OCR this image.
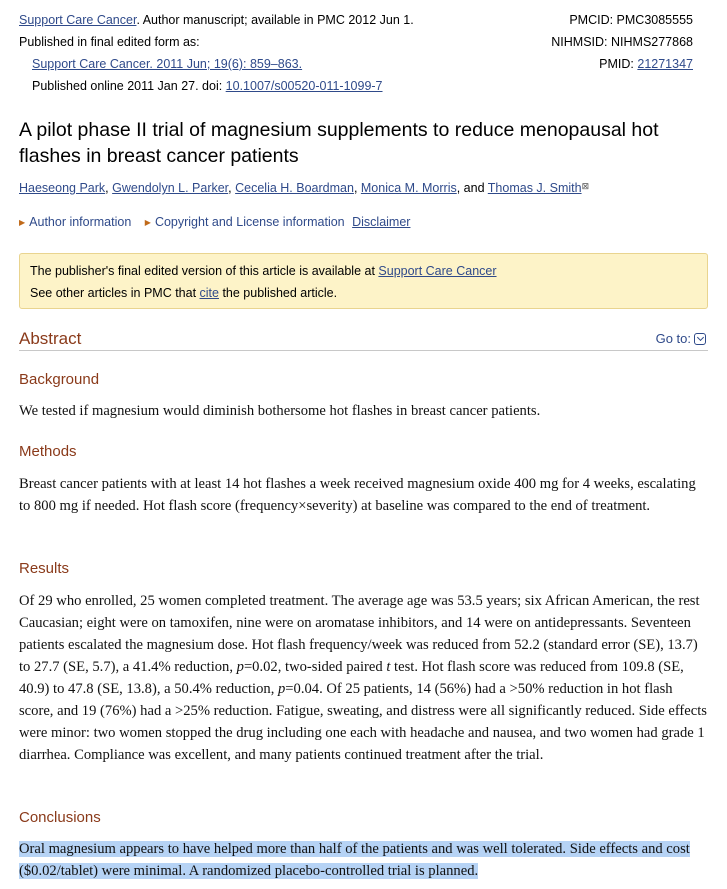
Support Care Cancer. Author manuscript; available in PMC 2012 Jun 1.
Published in final edited form as:
Support Care Cancer. 2011 Jun; 19(6): 859–863.
Published online 2011 Jan 27. doi: 10.1007/s00520-011-1099-7
PMCID: PMC3085555
NIHMSID: NIHMS277868
PMID: 21271347
A pilot phase II trial of magnesium supplements to reduce menopausal hot flashes in breast cancer patients
Haeseong Park, Gwendolyn L. Parker, Cecelia H. Boardman, Monica M. Morris, and Thomas J. Smith⊠
▶ Author information ▶ Copyright and License information Disclaimer
The publisher's final edited version of this article is available at Support Care Cancer
See other articles in PMC that cite the published article.
Abstract	Go to:
Background

We tested if magnesium would diminish bothersome hot flashes in breast cancer patients.

Methods

Breast cancer patients with at least 14 hot flashes a week received magnesium oxide 400 mg for 4 weeks, escalating to 800 mg if needed. Hot flash score (frequency×severity) at baseline was compared to the end of treatment.

Results

Of 29 who enrolled, 25 women completed treatment. The average age was 53.5 years; six African American, the rest Caucasian; eight were on tamoxifen, nine were on aromatase inhibitors, and 14 were on antidepressants. Seventeen patients escalated the magnesium dose. Hot flash frequency/week was reduced from 52.2 (standard error (SE), 13.7) to 27.7 (SE, 5.7), a 41.4% reduction, p=0.02, two-sided paired t test. Hot flash score was reduced from 109.8 (SE, 40.9) to 47.8 (SE, 13.8), a 50.4% reduction, p=0.04. Of 25 patients, 14 (56%) had a >50% reduction in hot flash score, and 19 (76%) had a >25% reduction. Fatigue, sweating, and distress were all significantly reduced. Side effects were minor: two women stopped the drug including one each with headache and nausea, and two women had grade 1 diarrhea. Compliance was excellent, and many patients continued treatment after the trial.

Conclusions

Oral magnesium appears to have helped more than half of the patients and was well tolerated. Side effects and cost ($0.02/tablet) were minimal. A randomized placebo-controlled trial is planned.
